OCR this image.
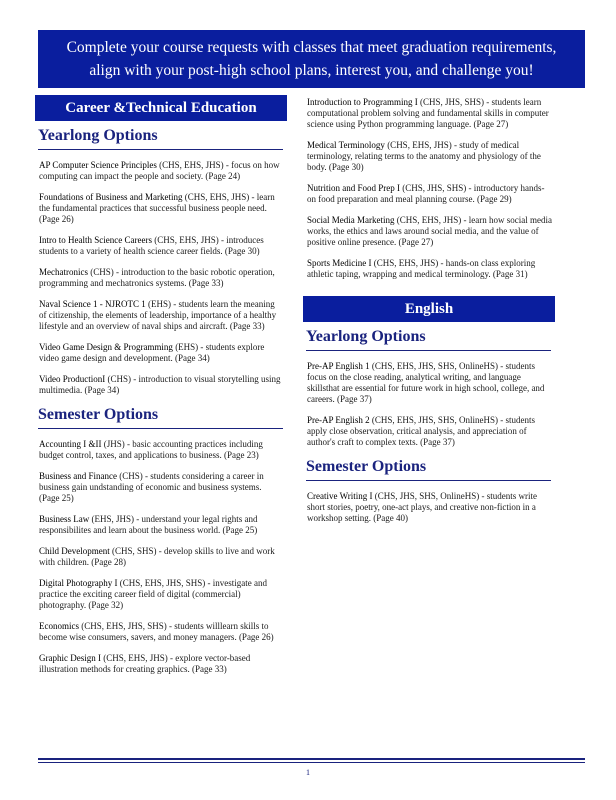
Complete your course requests with classes that meet graduation requirements,
align with your post-high school plans, interest you, and challenge you!
Career &Technical Education
Yearlong Options
AP Computer Science Principles (CHS, EHS, JHS) - focus on how computing can impact the people and society. (Page 24)
Foundations of Business and Marketing (CHS, EHS, JHS) - learn the fundamental practices that successful business people need. (Page 26)
Intro to Health Science Careers (CHS, EHS, JHS) - introduces students to a variety of health science career fields. (Page 30)
Mechatronics (CHS) - introduction to the basic robotic operation, programming and mechatronics systems. (Page 33)
Naval Science 1 - NJROTC 1 (EHS) - students learn the meaning of citizenship, the elements of leadership, importance of a healthy lifestyle and an overview of naval ships and aircraft. (Page 33)
Video Game Design & Programming (EHS) - students explore video game design and development. (Page 34)
Video ProductionI (CHS) - introduction to visual storytelling using multimedia. (Page 34)
Semester Options
Accounting I &II (JHS) - basic accounting practices including budget control, taxes, and applications to business. (Page 23)
Business and Finance (CHS) - students considering a career in business gain undstanding of economic and business systems. (Page 25)
Business Law (EHS, JHS) - understand your legal rights and responsibilites and learn about the business world. (Page 25)
Child Development (CHS, SHS) - develop skills to live and work with children. (Page 28)
Digital Photography I (CHS, EHS, JHS, SHS) - investigate and practice the exciting career field of digital (commercial) photography. (Page 32)
Economics (CHS, EHS, JHS, SHS) - students willlearn skills to become wise consumers, savers, and money managers. (Page 26)
Graphic Design I (CHS, EHS, JHS) - explore vector-based illustration methods for creating graphics. (Page 33)
Introduction to Programming I (CHS, JHS, SHS) - students learn computational problem solving and fundamental skills in computer science using Python programming language. (Page 27)
Medical Terminology (CHS, EHS, JHS) - study of medical terminology, relating terms to the anatomy and physiology of the body. (Page 30)
Nutrition and Food Prep I (CHS, JHS, SHS) - introductory hands-on food preparation and meal planning course. (Page 29)
Social Media Marketing (CHS, EHS, JHS) - learn how social media works, the ethics and laws around social media, and the value of positive online presence. (Page 27)
Sports Medicine I (CHS, EHS, JHS) - hands-on class exploring athletic taping, wrapping and medical terminology. (Page 31)
English
Yearlong Options
Pre-AP English 1 (CHS, EHS, JHS, SHS, OnlineHS) - students focus on the close reading, analytical writing, and language skillsthat are essential for future work in high school, college, and careers. (Page 37)
Pre-AP English 2 (CHS, EHS, JHS, SHS, OnlineHS) - students apply close observation, critical analysis, and appreciation of author's craft to complex texts. (Page 37)
Semester Options
Creative Writing I (CHS, JHS, SHS, OnlineHS) - students write short stories, poetry, one-act plays, and creative non-fiction in a workshop setting. (Page 40)
1
